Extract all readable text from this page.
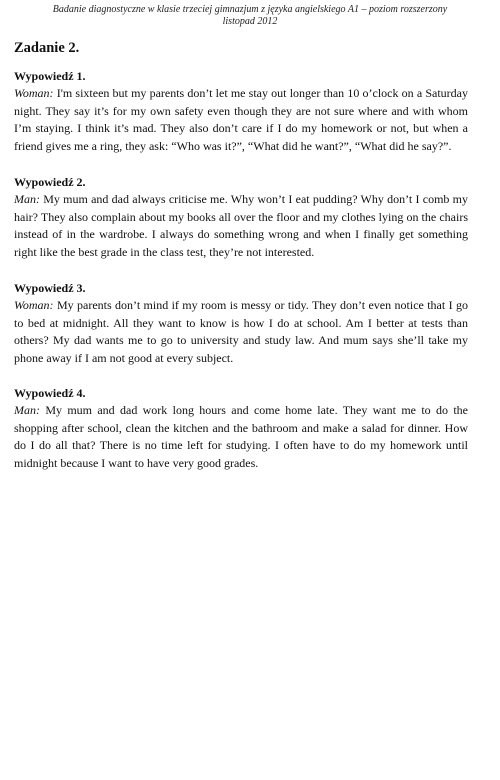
Badanie diagnostyczne w klasie trzeciej gimnazjum z języka angielskiego A1 – poziom rozszerzony
listopad 2012
Zadanie 2.
Wypowiedź 1.

Woman: I'm sixteen but my parents don’t let me stay out longer than 10 o’clock on a Saturday night. They say it’s for my own safety even though they are not sure where and with whom I’m staying. I think it’s mad. They also don’t care if I do my homework or not, but when a friend gives me a ring, they ask: “Who was it?”, “What did he want?”, “What did he say?”.

Wypowiedź 2.

Man: My mum and dad always criticise me. Why won’t I eat pudding? Why don’t I comb my hair? They also complain about my books all over the floor and my clothes lying on the chairs instead of in the wardrobe. I always do something wrong and when I finally get something right like the best grade in the class test, they’re not interested.

Wypowiedź 3.

Woman: My parents don’t mind if my room is messy or tidy. They don’t even notice that I go to bed at midnight. All they want to know is how I do at school. Am I better at tests than others? My dad wants me to go to university and study law. And mum says she’ll take my phone away if I am not good at every subject.

Wypowiedź 4.

Man: My mum and dad work long hours and come home late. They want me to do the shopping after school, clean the kitchen and the bathroom and make a salad for dinner. How do I do all that? There is no time left for studying. I often have to do my homework until midnight because I want to have very good grades.
